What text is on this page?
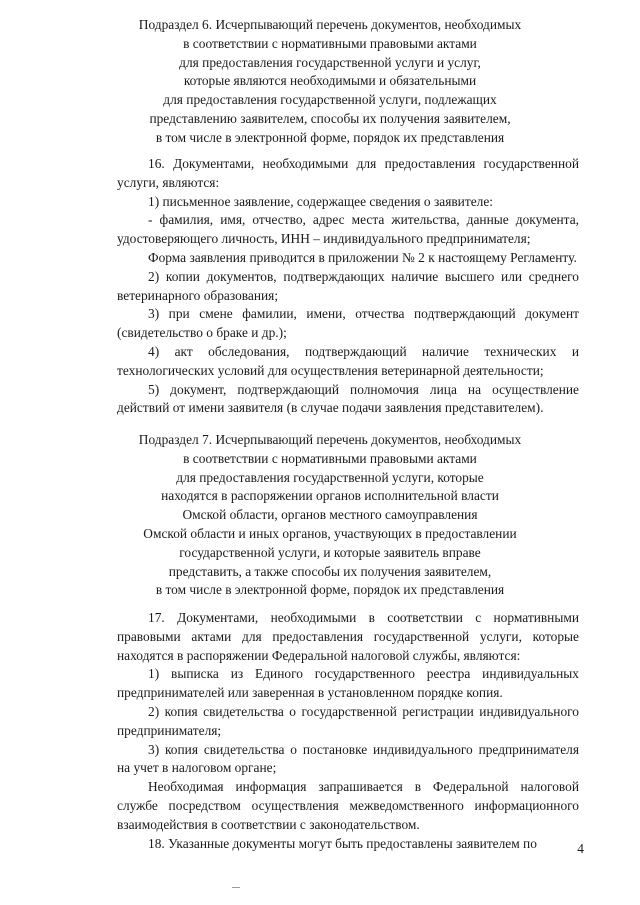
Подраздел 6. Исчерпывающий перечень документов, необходимых
в соответствии с нормативными правовыми актами
для предоставления государственной услуги и услуг,
которые являются необходимыми и обязательными
для предоставления государственной услуги, подлежащих
представлению заявителем, способы их получения заявителем,
в том числе в электронной форме, порядок их представления

16. Документами, необходимыми для предоставления государственной услуги, являются:

1) письменное заявление, содержащее сведения о заявителе:

- фамилия, имя, отчество, адрес места жительства, данные документа, удостоверяющего личность, ИНН – индивидуального предпринимателя;

Форма заявления приводится в приложении № 2 к настоящему Регламенту.

2) копии документов, подтверждающих наличие высшего или среднего ветеринарного образования;

3) при смене фамилии, имени, отчества подтверждающий документ (свидетельство о браке и др.);

4) акт обследования, подтверждающий наличие технических и технологических условий для осуществления ветеринарной деятельности;

5) документ, подтверждающий полномочия лица на осуществление действий от имени заявителя (в случае подачи заявления представителем).

Подраздел 7. Исчерпывающий перечень документов, необходимых
в соответствии с нормативными правовыми актами
для предоставления государственной услуги, которые
находятся в распоряжении органов исполнительной власти
Омской области, органов местного самоуправления
Омской области и иных органов, участвующих в предоставлении
государственной услуги, и которые заявитель вправе
представить, а также способы их получения заявителем,
в том числе в электронной форме, порядок их представления

17. Документами, необходимыми в соответствии с нормативными правовыми актами для предоставления государственной услуги, которые находятся в распоряжении Федеральной налоговой службы, являются:

1) выписка из Единого государственного реестра индивидуальных предпринимателей или заверенная в установленном порядке копия.

2) копия свидетельства о государственной регистрации индивидуального предпринимателя;

3) копия свидетельства о постановке индивидуального предпринимателя на учет в налоговом органе;

Необходимая информация запрашивается в Федеральной налоговой службе посредством осуществления межведомственного информационного взаимодействия в соответствии с законодательством.

18. Указанные документы могут быть предоставлены заявителем по	4
